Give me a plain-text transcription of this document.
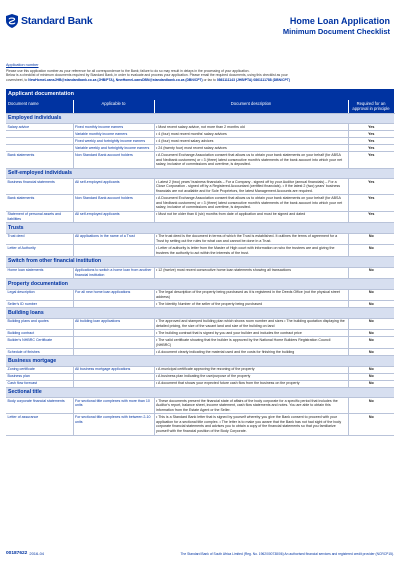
Standard Bank	Home Loan Application
Minimum Document Checklist
Application number
Please use this application number as your reference for all correspondence to the Bank; failure to do so may result in delays in the processing of your application.
Below is a checklist of minimum documents required by Standard Bank, in order to evaluate and process your application. Please email the required documents, using this checklist as your
coversheet, to NewHomeLoansJHB@standardbank.co.za (JHB/PTA), NewHomeLoansDBN@standardbank.co.za (DBN/CPT) or fax to 0861111143 (JHB/PTA) 0861111788 (DBN/CPT)
Applicant documentation			
Document name	Applicable to	Document description	Required for an approval in principle
Employed individuals			
Salary advice	Fixed monthly income earners	• Most recent salary advice, not more than 2 months old	Yes
	Variable monthly income earners	• 4 (four) most recent months' salary advices	Yes
	Fixed weekly and fortnightly income earners	• 4 (four) most recent salary advices	Yes
	Variable weekly and fortnightly income earners	• 24 (twenty four) most recent salary advices	Yes
Bank statements	Non Standard Bank account holders	• A Document Exchange Association consent that allows us to obtain your bank statements on your behalf (for ABSA and Nedbank customers) or • 3 (three) latest consecutive month's statements of the bank account into which your net salary, inclusive of commissions and overtime, is deposited.	Yes
Self-employed individuals			
Business financial statements	All self-employed applicants	• Latest 2 (two) years' business financials – For a Company - signed off by your Auditor (annual financials) – For a Close Corporation - signed off by a Registered Accountant (certified financials). • If the latest 2 (two) years' business financials are not available and for Sole Proprietors, the latest Management Accounts are required.	Yes
Bank statements	Non Standard Bank account holders	• A Document Exchange Association consent that allows us to obtain your bank statements on your behalf (for ABSA and Nedbank customers) or • 3 (three) latest consecutive month's statements of the bank account into which your net salary, inclusive of commissions and overtime, is deposited.	Yes
Statement of personal assets and liabilities	All self-employed applicants	• Must not be older than 6 (six) months from date of application and must be signed and dated	Yes
Trusts			
Trust deed	All applications in the name of a Trust	• The trust deed is the document in terms of which the Trust is established. It outlines the terms of agreement for a Trust by setting out the rules for what can and cannot be done in a Trust.	No
Letter of Authority		• Letter of authority is letter from the Master of High court with information on who the trustees are and giving the trustees the authority to act within the interests of the trust.	No
Switch from other financial institution			
Home loan statements	Applications to switch a home loan from another financial institution	• 12 (twelve) most recent consecutive home loan statements showing all transactions	No
Property documentation			
Legal description	For all new home loan applications	• The legal description of the property being purchased as it is registered in the Deeds Office (not the physical street address)	No
Seller's ID number		• The Identity Number of the seller of the property being purchased	No
Building loans			
Building plans and quotes	All building loan applications	• The approved and stamped building plan which shows room number and sizes • The building quotation displaying the detailed pricing, the size of the vacant land and size of the building on land	No
Building contract		• The building contract that is signed by you and your builder and includes the contract price	No
Builder's NHBRC Certificate		• The valid certificate showing that the builder is approved by the National Home Builders Registration Council (NHBRC)	No
Schedule of finishes		• A document clearly indicating the material used and the costs for finishing the building	No
Business mortgage			
Zoning certificate	All business mortgage applications	• A municipal certificate approving the rezoning of the property	No
Business plan		• A business plan indicating the use/purpose of the property	No
Cash flow forecast		• A document that shows your expected future cash flow from the business on the property	No
Sectional title			
Body corporate financial statements	For sectional title complexes with more than 10 units	• These documents present the financial state of affairs of the body corporate for a specific period that includes the Auditor's report, balance sheet, income statement, cash flow statements and notes. You are able to obtain this information from the Estate Agent or the Seller.	No
Letter of assurance	For sectional title complexes with between 2-10 units	• This is a Standard Bank letter that is signed by yourself whereby you give the Bank consent to proceed with your application for a sectional title complex. • The letter is to make you aware that the Bank has not had sight of the body corporate financial statements and advises you to obtain a copy of the financial statements so that you familiarize yourself with the financial position of the Body Corporate.	No
00187622 2016-04	The Standard Bank of South Africa Limited (Reg. No. 1962/000738/06) An authorised financial services and registered credit provider (NCRCP15).
